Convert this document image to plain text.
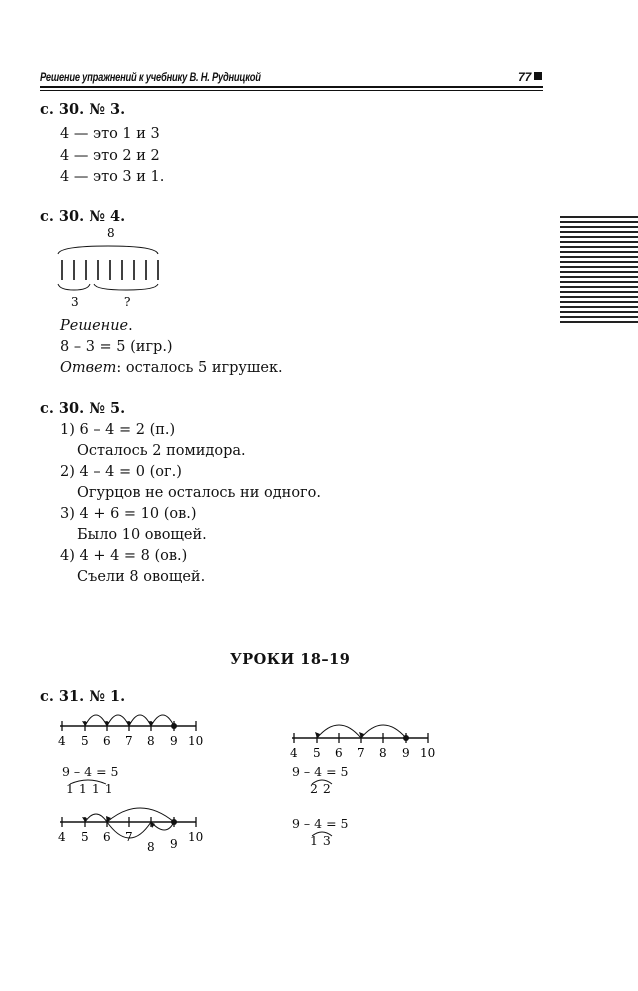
Решение упражнений к учебнику В. Н. Рудницкой	77
с. 30. № 3.
4 — это 1 и 3
4 — это 2 и 2
4 — это 3 и 1.
с. 30. № 4.
8
3	?
Решение.
8 – 3 = 5 (игр.)
Ответ: осталось 5 игрушек.
с. 30. № 5.
1) 6 – 4 = 2 (п.)
Осталось 2 помидора.
2) 4 – 4 = 0 (ог.)
Огурцов не осталось ни одного.
3) 4 + 6 = 10 (ов.)
Было 10 овощей.
4) 4 + 4 = 8 (ов.)
Съели 8 овощей.
УРОКИ 18–19
с. 31. № 1.
4 5 6 7 8 9 10
9 – 4 = 5
1 1 1 1
4 5 6 7 8 9 10
9 – 4 = 5
2 2
4 5 6 7
8 9 10
9 – 4 = 5
1 3
